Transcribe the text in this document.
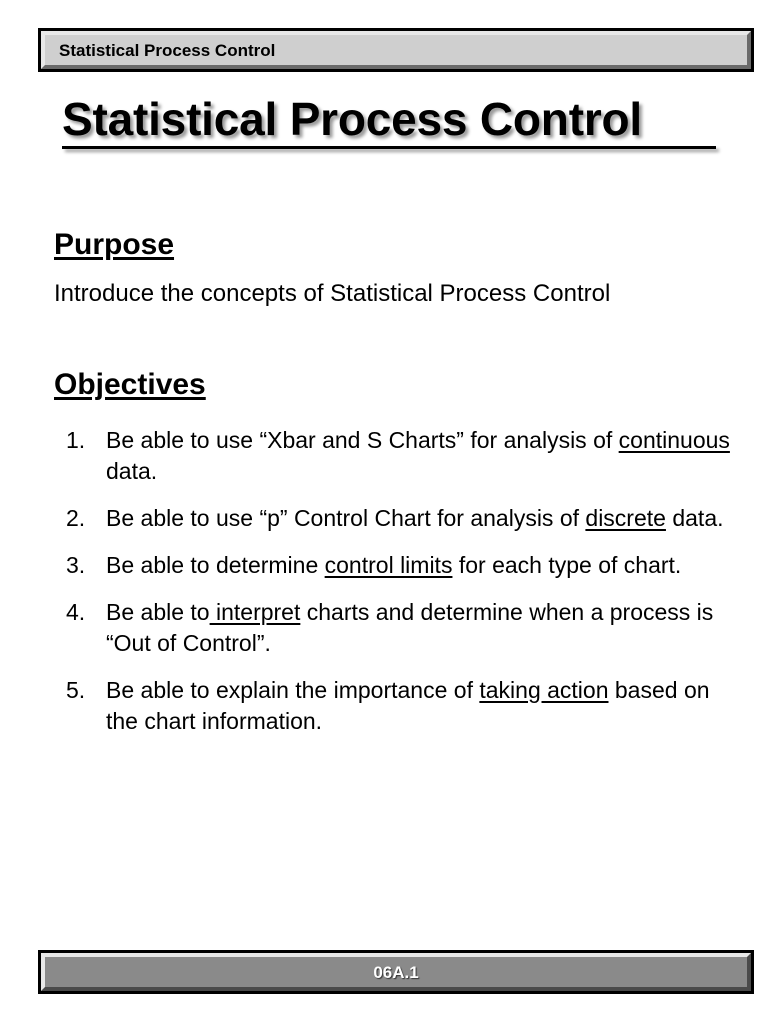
Statistical Process Control
Statistical Process Control
Purpose

Introduce the concepts of Statistical Process Control

Objectives
1. Be able to use “Xbar and S Charts” for analysis of continuous data.
2. Be able to use “p” Control Chart for analysis of discrete data.
3. Be able to determine control limits for each type of chart.
4. Be able to interpret charts and determine when a process is “Out of Control”.
5. Be able to explain the importance of taking action based on the chart information.
06A.1
